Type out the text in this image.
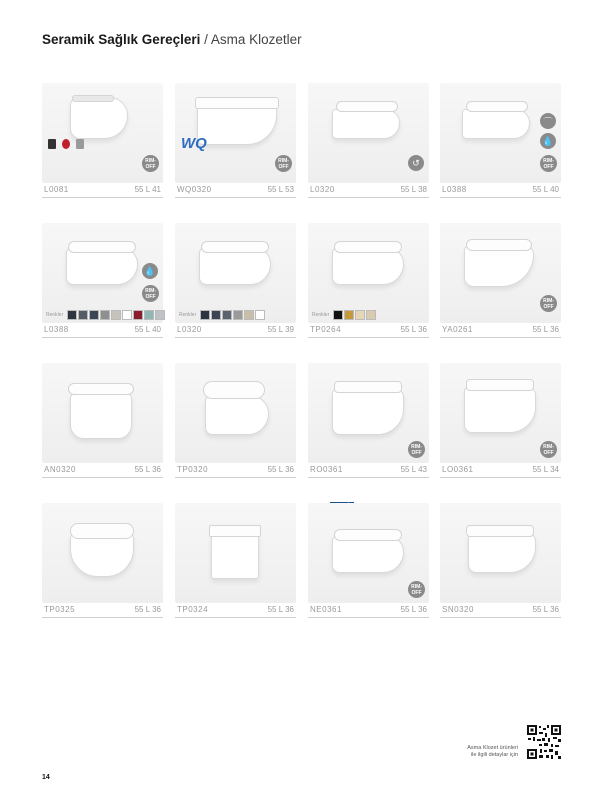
Seramik Sağlık Gereçleri / Asma Klozetler
RIM-
OFF
L0081	55 L 41
WQ
RIM-
OFF
WQ0320	55 L 53
↺
L0320	55 L 38
⌒
💧
RIM-
OFF
L0388	55 L 40
💧
RIM-
OFF
Renkler
L0388	55 L 40
Renkler
L0320	55 L 39
Renkler
TP0264	55 L 36
RIM-
OFF
YA0261	55 L 36
AN0320	55 L 36 TP0320	55 L 36
RIM-
OFF
RO0361	55 L 43
RIM-
OFF
LO0361	55 L 34
TP0325	55 L 36 TP0324	55 L 36
RIM-
OFF
NE0361	55 L 36 SN0320	55 L 36
Asma Klozet ürünleri
ile ilgili detaylar için
14
